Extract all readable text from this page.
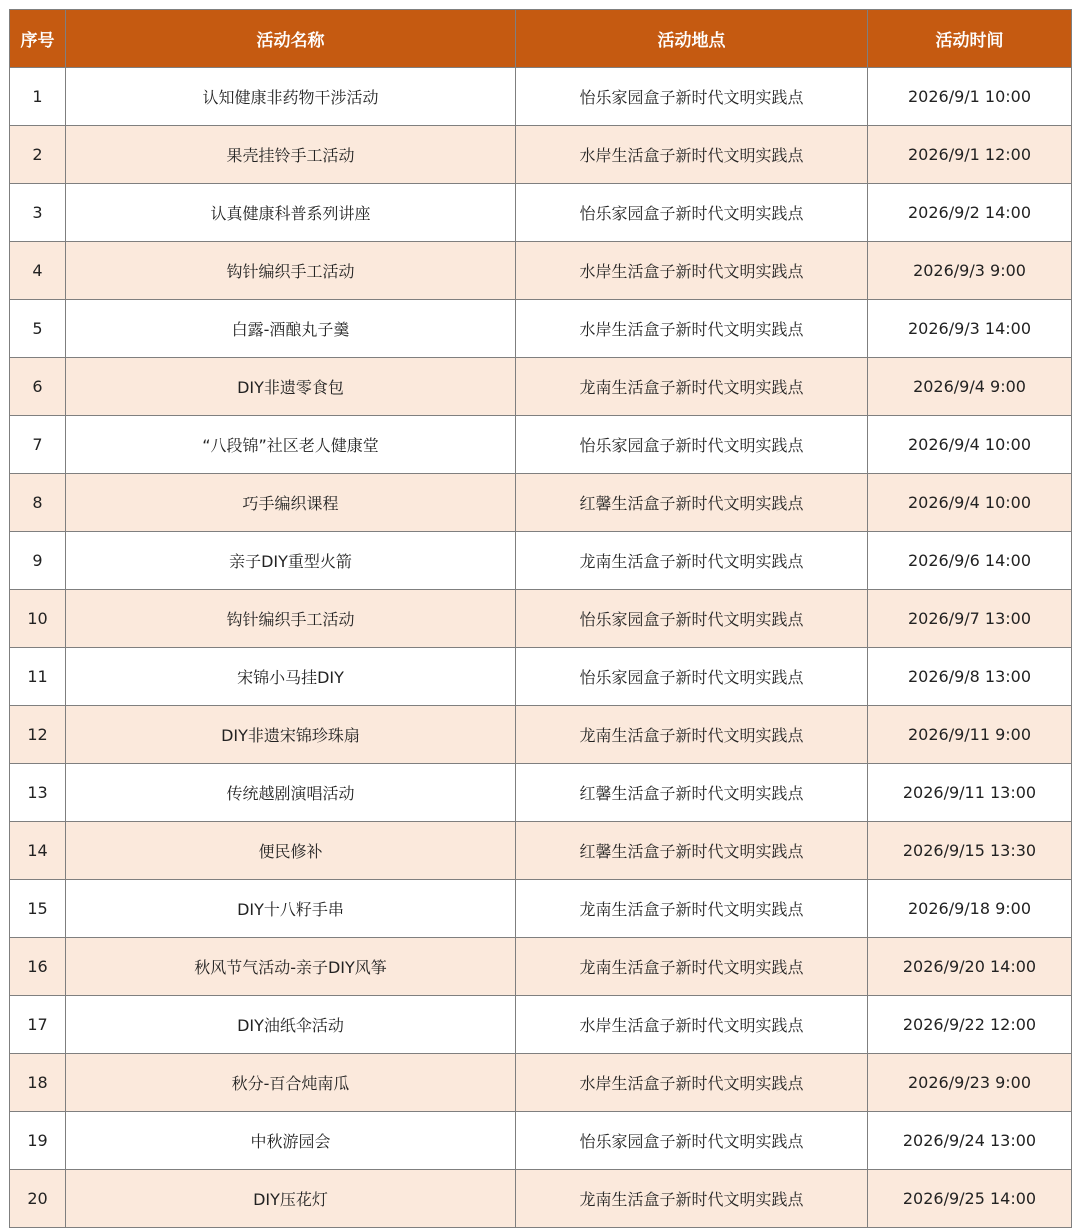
序号	活动名称	活动地点	活动时间
1	认知健康非药物干涉活动	怡乐家园盒子新时代文明实践点	2026/9/1 10:00
2	果壳挂铃手工活动	水岸生活盒子新时代文明实践点	2026/9/1 12:00
3	认真健康科普系列讲座	怡乐家园盒子新时代文明实践点	2026/9/2 14:00
4	钩针编织手工活动	水岸生活盒子新时代文明实践点	2026/9/3 9:00
5	白露-酒酿丸子羹	水岸生活盒子新时代文明实践点	2026/9/3 14:00
6	DIY非遗零食包	龙南生活盒子新时代文明实践点	2026/9/4 9:00
7	“八段锦”社区老人健康堂	怡乐家园盒子新时代文明实践点	2026/9/4 10:00
8	巧手编织课程	红馨生活盒子新时代文明实践点	2026/9/4 10:00
9	亲子DIY重型火箭	龙南生活盒子新时代文明实践点	2026/9/6 14:00
10	钩针编织手工活动	怡乐家园盒子新时代文明实践点	2026/9/7 13:00
11	宋锦小马挂DIY	怡乐家园盒子新时代文明实践点	2026/9/8 13:00
12	DIY非遗宋锦珍珠扇	龙南生活盒子新时代文明实践点	2026/9/11 9:00
13	传统越剧演唱活动	红馨生活盒子新时代文明实践点	2026/9/11 13:00
14	便民修补	红馨生活盒子新时代文明实践点	2026/9/15 13:30
15	DIY十八籽手串	龙南生活盒子新时代文明实践点	2026/9/18 9:00
16	秋风节气活动-亲子DIY风筝	龙南生活盒子新时代文明实践点	2026/9/20 14:00
17	DIY油纸伞活动	水岸生活盒子新时代文明实践点	2026/9/22 12:00
18	秋分-百合炖南瓜	水岸生活盒子新时代文明实践点	2026/9/23 9:00
19	中秋游园会	怡乐家园盒子新时代文明实践点	2026/9/24 13:00
20	DIY压花灯	龙南生活盒子新时代文明实践点	2026/9/25 14:00
